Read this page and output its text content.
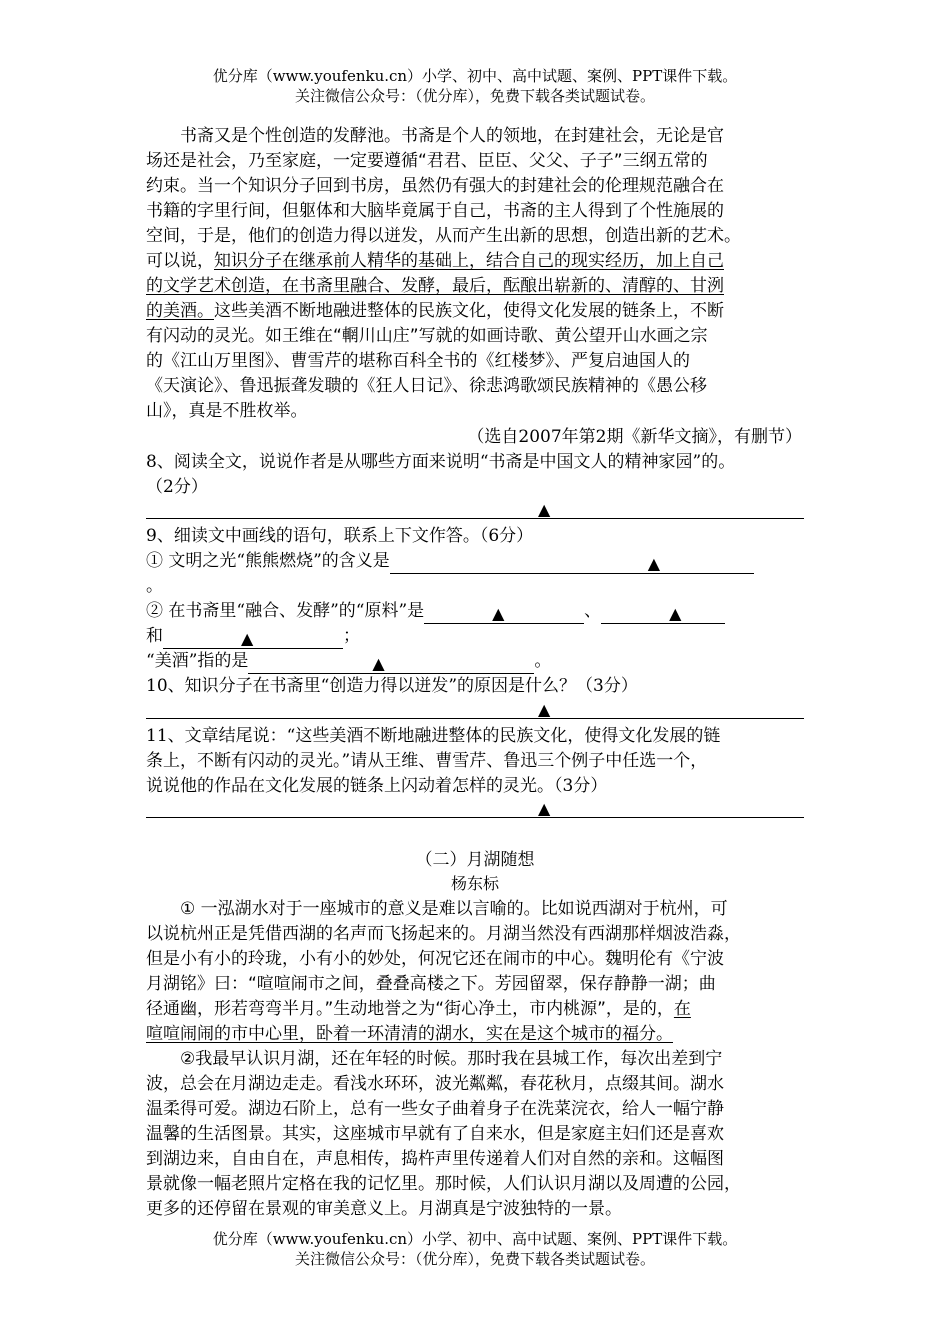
优分库（www.youfenku.cn）小学、初中、高中试题、案例、PPT课件下载。
关注微信公众号：（优分库），免费下载各类试题试卷。
书斋又是个性创造的发酵池。书斋是个人的领地，在封建社会，无论是官
场还是社会，乃至家庭，一定要遵循“君君、臣臣、父父、子子”三纲五常的
约束。当一个知识分子回到书房，虽然仍有强大的封建社会的伦理规范融合在
书籍的字里行间，但躯体和大脑毕竟属于自己，书斋的主人得到了个性施展的
空间，于是，他们的创造力得以迸发，从而产生出新的思想，创造出新的艺术。
可以说，知识分子在继承前人精华的基础上，结合自己的现实经历，加上自己
的文学艺术创造，在书斋里融合、发酵，最后，酝酿出崭新的、清醇的、甘洌
的美酒。这些美酒不断地融进整体的民族文化，使得文化发展的链条上，不断
有闪动的灵光。如王维在“輞川山庄”写就的如画诗歌、黄公望开山水画之宗
的《江山万里图》、曹雪芹的堪称百科全书的《红楼梦》、严复启迪国人的
《天演论》、鲁迅振聋发聩的《狂人日记》、徐悲鸿歌颂民族精神的《愚公移
山》，真是不胜枚举。
（选自2007年第2期《新华文摘》，有删节）
8、阅读全文，说说作者是从哪些方面来说明“书斋是中国文人的精神家园”的。
（2分）
▲
9、细读文中画线的语句，联系上下文作答。（6分）
① 文明之光“熊熊燃烧”的含义是	▲
。
② 在书斋里“融合、发酵”的“原料”是	▲	、	▲
和	▲	；
“美酒”指的是	▲	。
10、知识分子在书斋里“创造力得以迸发”的原因是什么？（3分）
▲
11、文章结尾说：“这些美酒不断地融进整体的民族文化，使得文化发展的链
条上，不断有闪动的灵光。”请从王维、曹雪芹、鲁迅三个例子中任选一个，
说说他的作品在文化发展的链条上闪动着怎样的灵光。（3分）
▲
（二）月湖随想
杨东标
① 一泓湖水对于一座城市的意义是难以言喻的。比如说西湖对于杭州，可
以说杭州正是凭借西湖的名声而飞扬起来的。月湖当然没有西湖那样烟波浩淼，
但是小有小的玲珑，小有小的妙处，何况它还在闹市的中心。魏明伦有《宁波
月湖铭》曰：“喧喧闹市之间，叠叠高楼之下。芳园留翠，保存静静一湖；曲
径通幽，形若弯弯半月。”生动地誉之为“街心净土，市内桃源”，是的，在
喧喧闹闹的市中心里，卧着一环清清的湖水，实在是这个城市的福分。
②我最早认识月湖，还在年轻的时候。那时我在县城工作，每次出差到宁
波，总会在月湖边走走。看浅水环环，波光粼粼，春花秋月，点缀其间。湖水
温柔得可爱。湖边石阶上，总有一些女子曲着身子在洗菜浣衣，给人一幅宁静
温馨的生活图景。其实，这座城市早就有了自来水，但是家庭主妇们还是喜欢
到湖边来，自由自在，声息相传，捣杵声里传递着人们对自然的亲和。这幅图
景就像一幅老照片定格在我的记忆里。那时候，人们认识月湖以及周遭的公园，
更多的还停留在景观的审美意义上。月湖真是宁波独特的一景。
优分库（www.youfenku.cn）小学、初中、高中试题、案例、PPT课件下载。
关注微信公众号：（优分库），免费下载各类试题试卷。
